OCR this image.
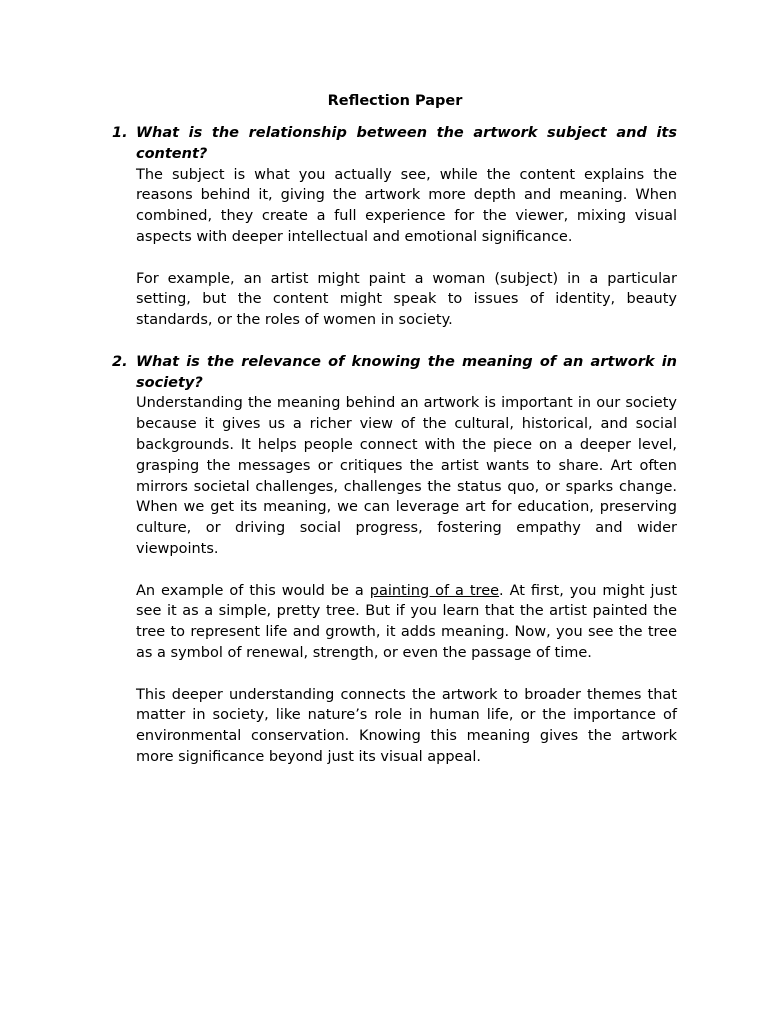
Reflection Paper
1. What is the relationship between the artwork subject and its content?

The subject is what you actually see, while the content explains the reasons behind it, giving the artwork more depth and meaning. When combined, they create a full experience for the viewer, mixing visual aspects with deeper intellectual and emotional significance.

For example, an artist might paint a woman (subject) in a particular setting, but the content might speak to issues of identity, beauty standards, or the roles of women in society.

2. What is the relevance of knowing the meaning of an artwork in society?

Understanding the meaning behind an artwork is important in our society because it gives us a richer view of the cultural, historical, and social backgrounds. It helps people connect with the piece on a deeper level, grasping the messages or critiques the artist wants to share. Art often mirrors societal challenges, challenges the status quo, or sparks change. When we get its meaning, we can leverage art for education, preserving culture, or driving social progress, fostering empathy and wider viewpoints.

An example of this would be a painting of a tree. At first, you might just see it as a simple, pretty tree. But if you learn that the artist painted the tree to represent life and growth, it adds meaning. Now, you see the tree as a symbol of renewal, strength, or even the passage of time.

This deeper understanding connects the artwork to broader themes that matter in society, like nature’s role in human life, or the importance of environmental conservation. Knowing this meaning gives the artwork more significance beyond just its visual appeal.
